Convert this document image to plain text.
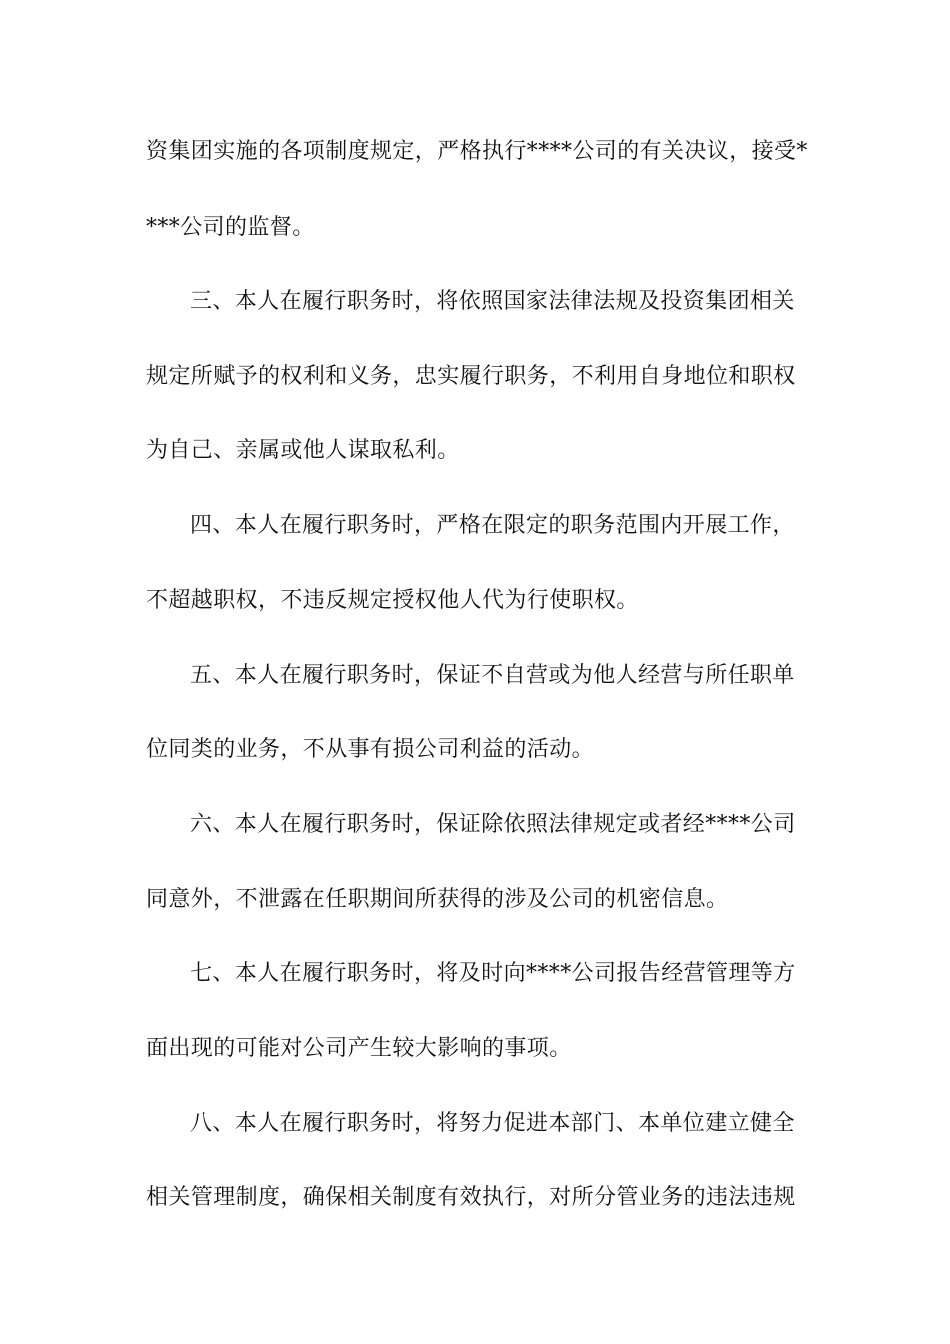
资集团实施的各项制度规定，严格执行****公司的有关决议，接受*
***公司的监督。
三、本人在履行职务时，将依照国家法律法规及投资集团相关
规定所赋予的权利和义务，忠实履行职务，不利用自身地位和职权
为自己、亲属或他人谋取私利。
四、本人在履行职务时，严格在限定的职务范围内开展工作，
不超越职权，不违反规定授权他人代为行使职权。
五、本人在履行职务时，保证不自营或为他人经营与所任职单
位同类的业务，不从事有损公司利益的活动。
六、本人在履行职务时，保证除依照法律规定或者经****公司
同意外，不泄露在任职期间所获得的涉及公司的机密信息。
七、本人在履行职务时，将及时向****公司报告经营管理等方
面出现的可能对公司产生较大影响的事项。
八、本人在履行职务时，将努力促进本部门、本单位建立健全
相关管理制度，确保相关制度有效执行，对所分管业务的违法违规
